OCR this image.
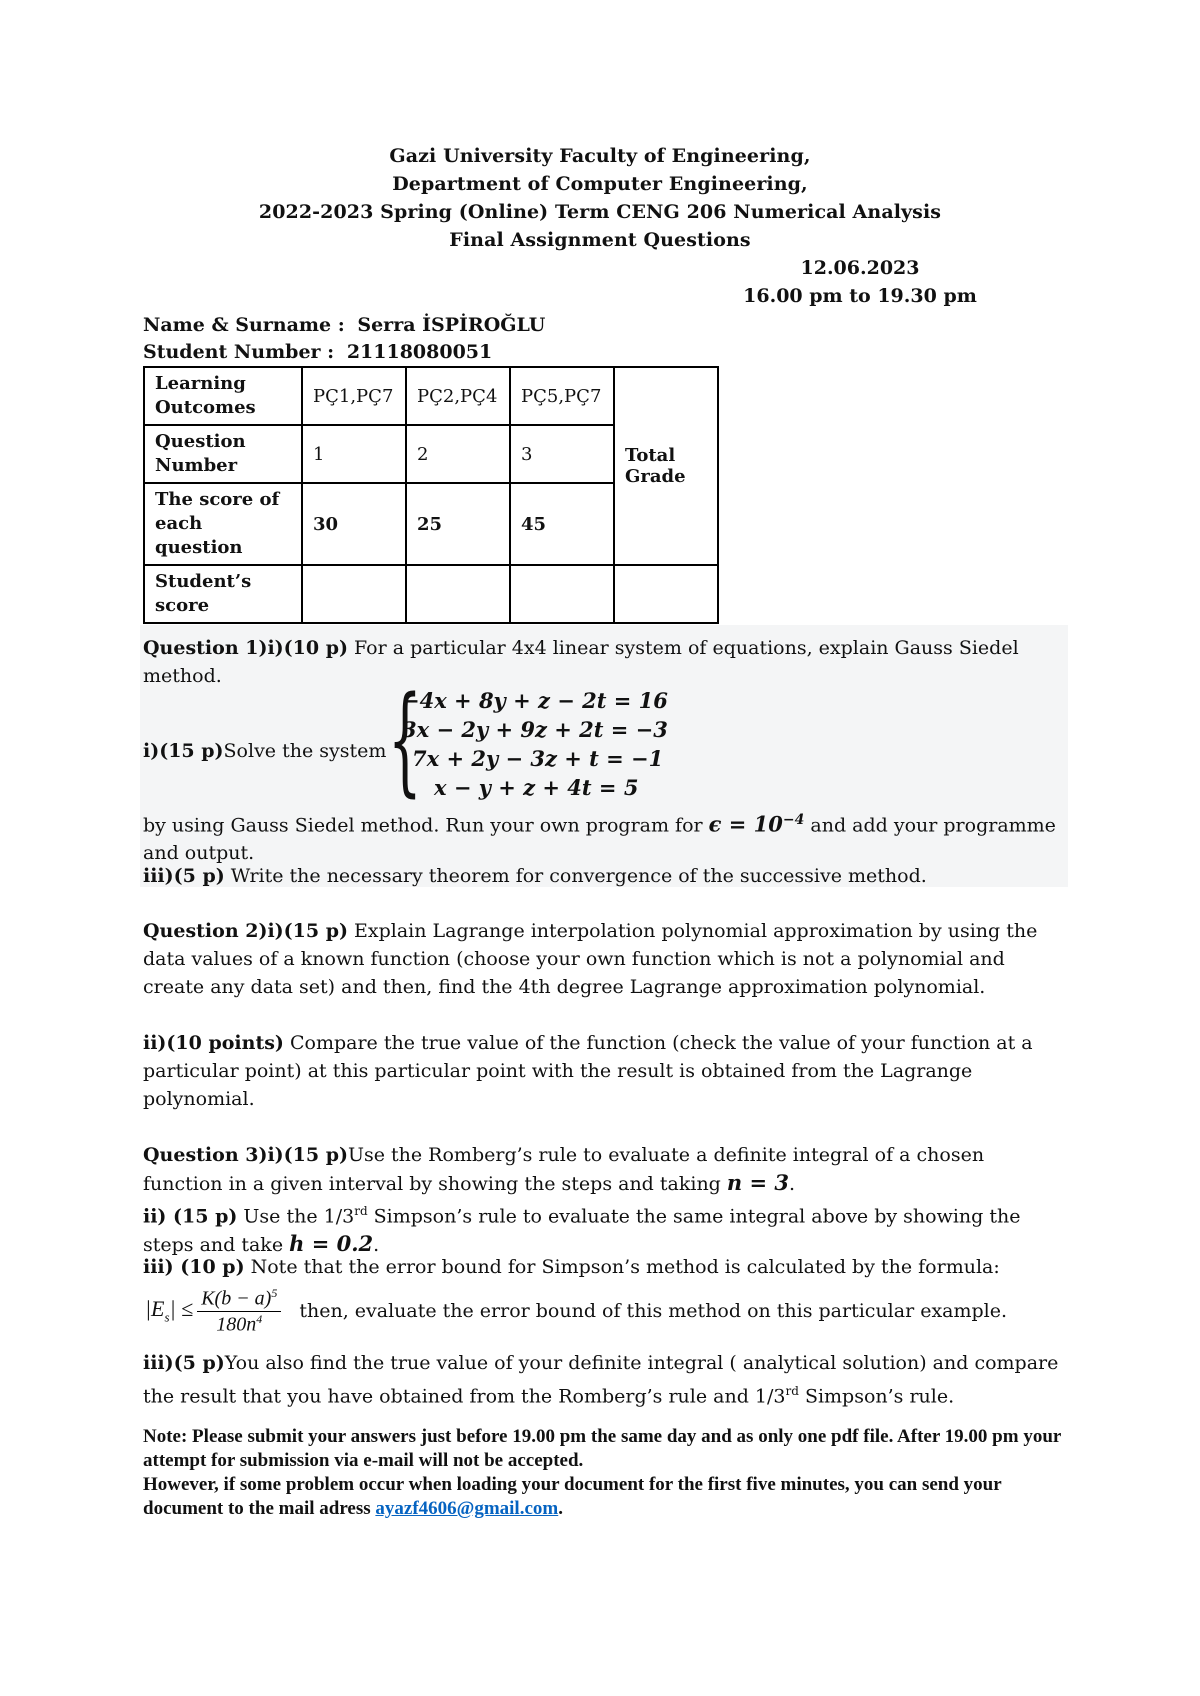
Gazi University Faculty of Engineering,
Department of Computer Engineering,
2022-2023 Spring (Online) Term CENG 206 Numerical Analysis
Final Assignment Questions
12.06.2023
16.00 pm to 19.30 pm
Name & Surname : Serra İSPİROĞLU
Student Number : 21118080051
Learning Outcomes	PÇ1,PÇ7	PÇ2,PÇ4	PÇ5,PÇ7	Total Grade
Question Number	1	2	3	
The score of each question	30	25	45	
Student’s score				
Question 1)i)(10 p) For a particular 4x4 linear system of equations, explain Gauss Siedel method.
i)(15 p)Solve the system {
−4x + 8y + z − 2t = 16
3x − 2y + 9z + 2t = −3
7x + 2y − 3z + t = −1
x − y + z + 4t = 5
by using Gauss Siedel method. Run your own program for $\epsilon = 10^{-4}$ and add your programme and output.
iii)(5 p) Write the necessary theorem for convergence of the successive method.
Question 2)i)(15 p) Explain Lagrange interpolation polynomial approximation by using the data values of a known function (choose your own function which is not a polynomial and create any data set) and then, find the 4th degree Lagrange approximation polynomial.
ii)(10 points) Compare the true value of the function (check the value of your function at a particular point) at this particular point with the result is obtained from the Lagrange polynomial.
Question 3)i)(15 p)Use the Romberg’s rule to evaluate a definite integral of a chosen function in a given interval by showing the steps and taking n = 3.
ii) (15 p) Use the 1/3rd Simpson’s rule to evaluate the same integral above by showing the steps and take h = 0.2.
iii) (10 p) Note that the error bound for Simpson’s method is calculated by the formula:
$|E_s| \le \frac{K(b - a)^5}{180n^4}$ then, evaluate the error bound of this method on this particular example.
iii)(5 p)You also find the true value of your definite integral ( analytical solution) and compare the result that you have obtained from the Romberg’s rule and 1/3rd Simpson’s rule.
Note: Please submit your answers just before 19.00 pm the same day and as only one pdf file. After 19.00 pm your attempt for submission via e-mail will not be accepted.
However, if some problem occur when loading your document for the first five minutes, you can send your document to the mail adress ayazf4606@gmail.com.
